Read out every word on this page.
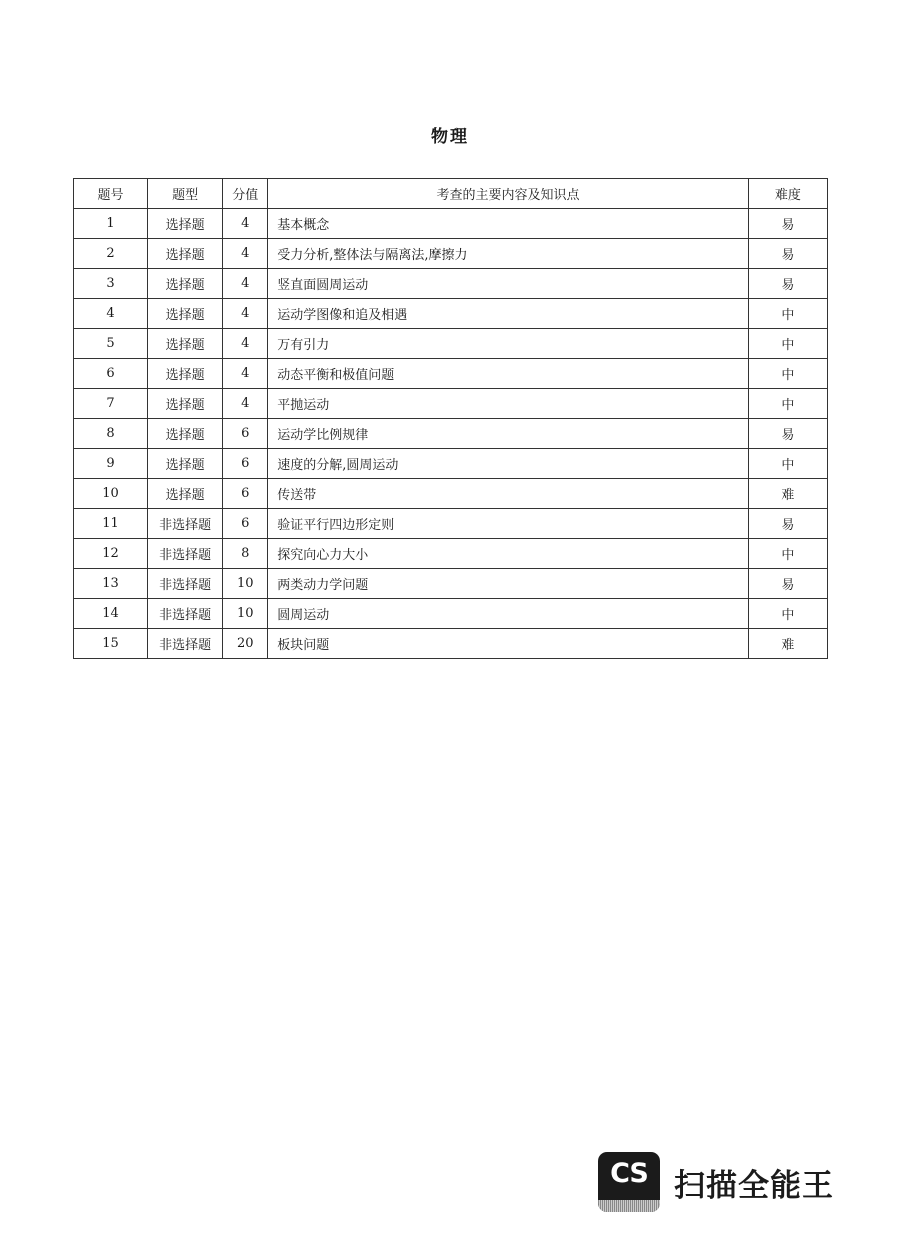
物理
题号	题型	分值	考查的主要内容及知识点	难度
1	选择题	4	基本概念	易
2	选择题	4	受力分析,整体法与隔离法,摩擦力	易
3	选择题	4	竖直面圆周运动	易
4	选择题	4	运动学图像和追及相遇	中
5	选择题	4	万有引力	中
6	选择题	4	动态平衡和极值问题	中
7	选择题	4	平抛运动	中
8	选择题	6	运动学比例规律	易
9	选择题	6	速度的分解,圆周运动	中
10	选择题	6	传送带	难
11	非选择题	6	验证平行四边形定则	易
12	非选择题	8	探究向心力大小	中
13	非选择题	10	两类动力学问题	易
14	非选择题	10	圆周运动	中
15	非选择题	20	板块问题	难
CS 扫描全能王
